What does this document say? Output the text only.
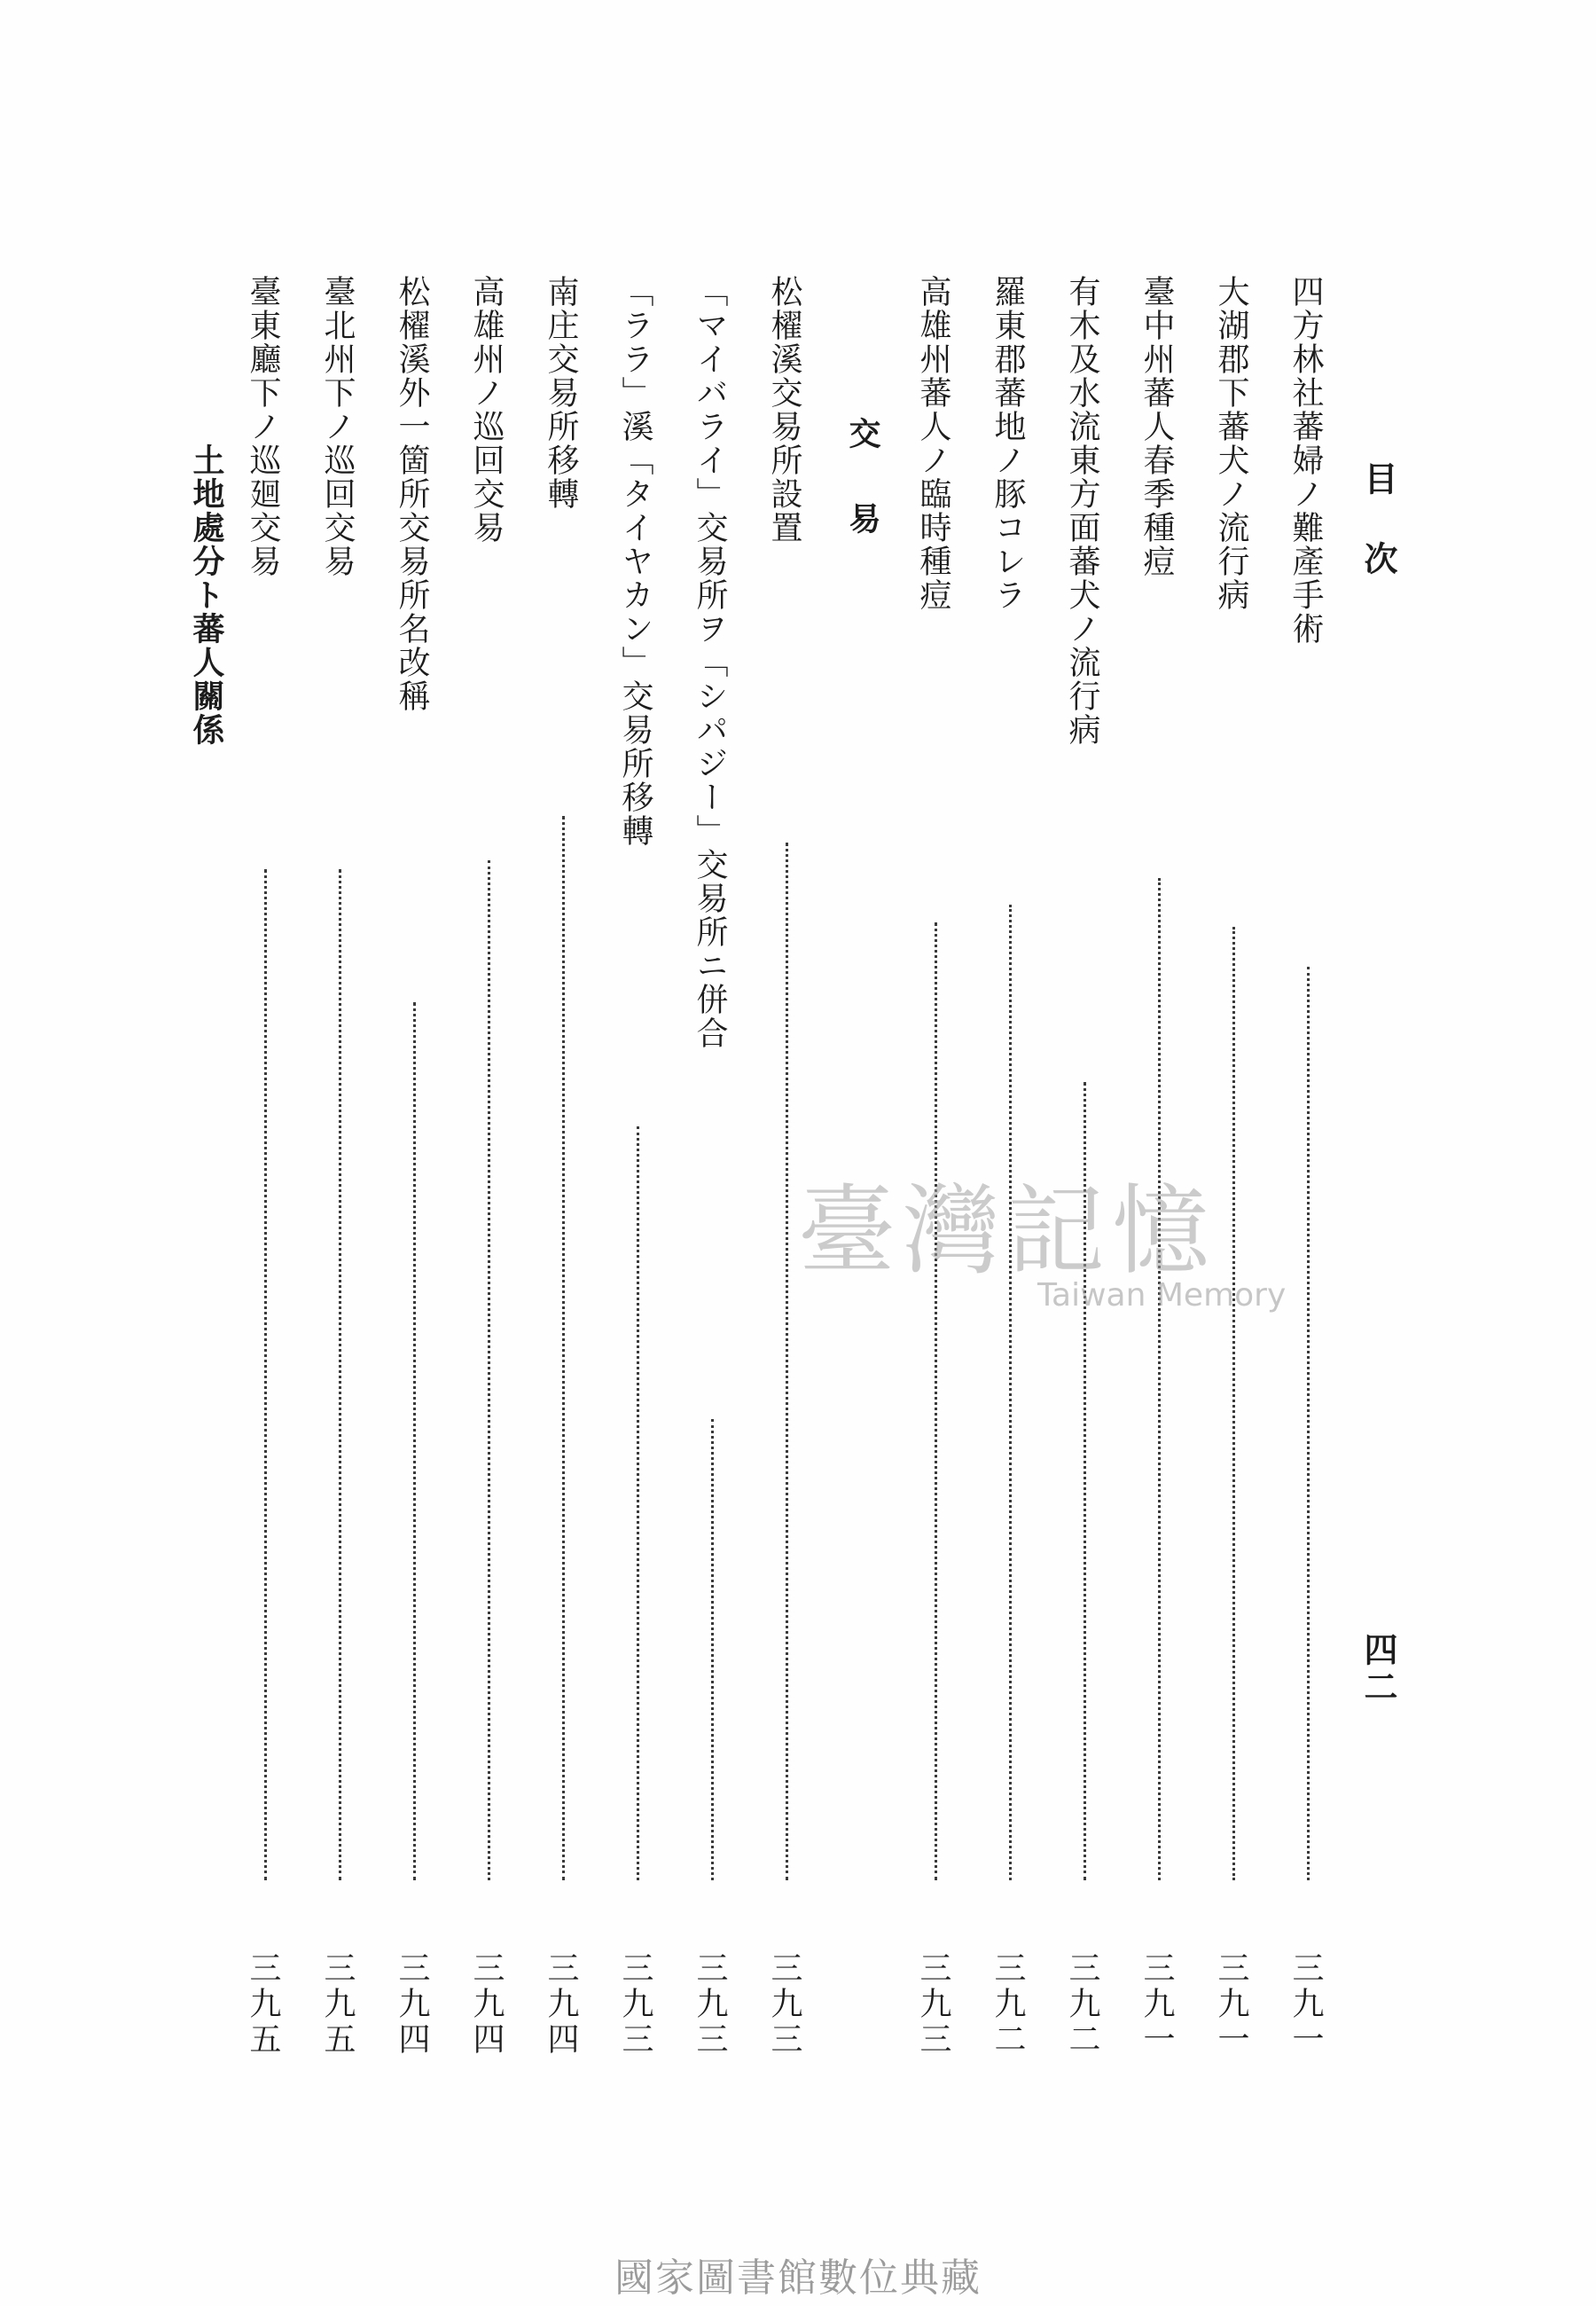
目次
四二
四方林社蕃婦ノ難產手術
三九一
大湖郡下蕃犬ノ流行病
三九一
臺中州蕃人春季種痘
三九一
有木及水流東方面蕃犬ノ流行病
三九二
羅東郡蕃地ノ豚コレラ
三九二
高雄州蕃人ノ臨時種痘
三九三
交易
松櫂溪交易所設置
三九三
「マイバライ」交易所ヲ「シパジー」交易所ニ併合
三九三
「ララ」溪「タイヤカン」交易所移轉
三九三
南庄交易所移轉
三九四
高雄州ノ巡回交易
三九四
松櫂溪外一箇所交易所名改稱
三九四
臺北州下ノ巡回交易
三九五
臺東廳下ノ巡廻交易
三九五
土地處分ト蕃人關係
臺灣記憶
Taiwan Memory
國家圖書館數位典藏
